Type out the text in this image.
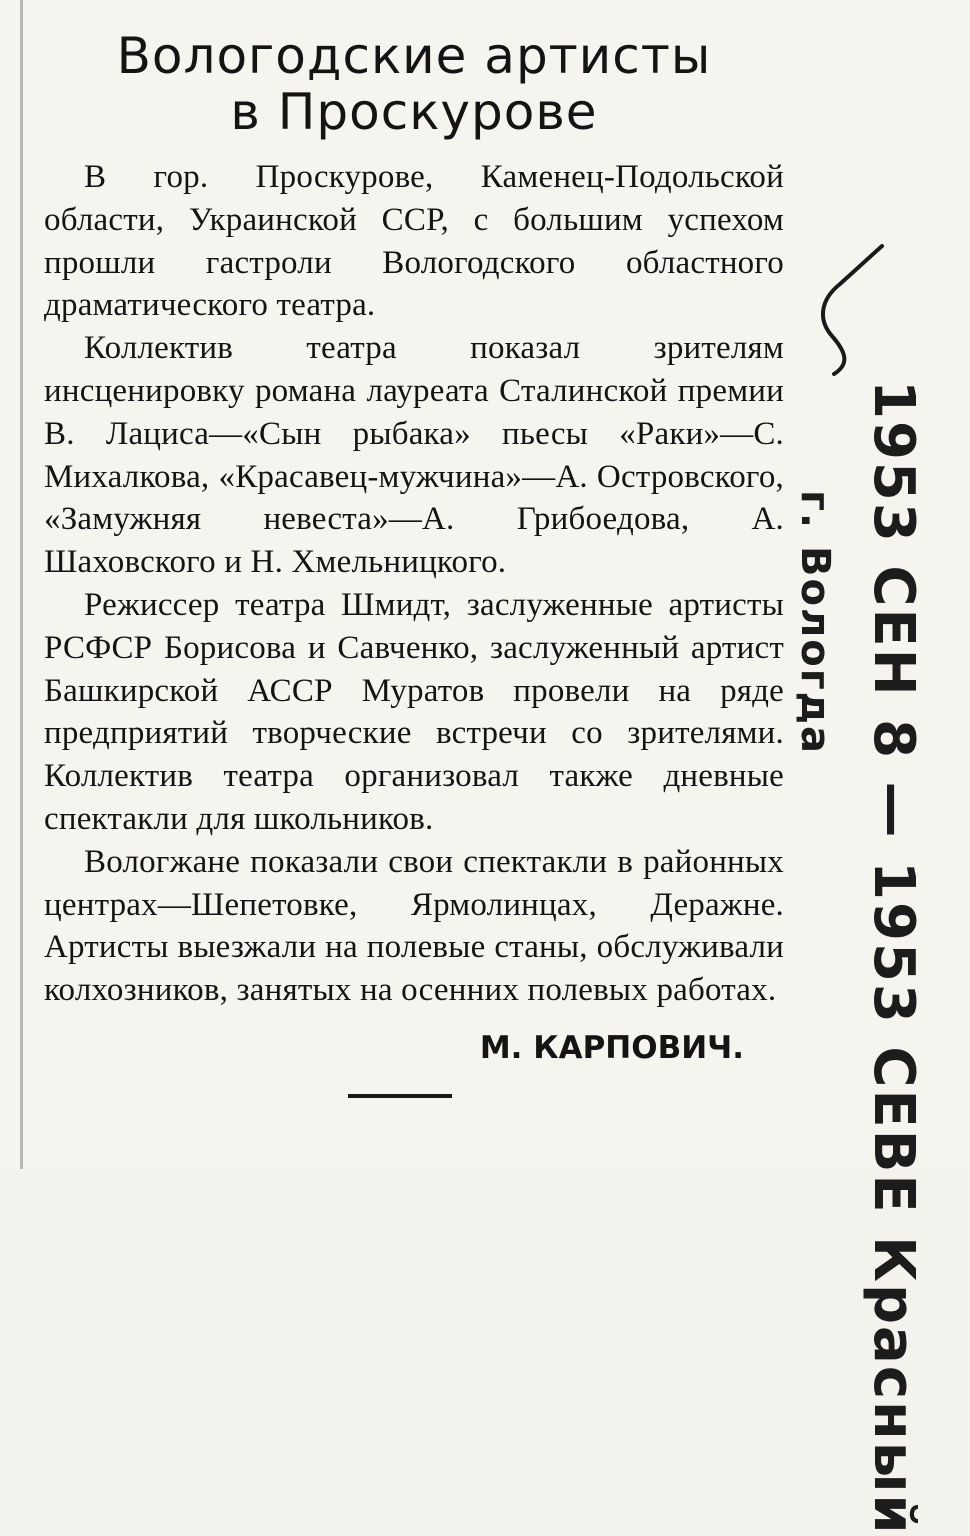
Вологодские артисты
в Проскурове

В гор. Проскурове, Каменец-Подольской области, Украинской ССР, с большим успехом прошли гастроли Вологодского областного драматического театра.

Коллектив театра показал зрителям инсценировку романа лауреата Сталинской премии В. Лациса—«Сын рыбака» пьесы «Раки»—С. Михалкова, «Красавец-мужчина»—А. Островского, «Замужняя невеста»—А. Грибоедова, А. Шаховского и Н. Хмельницкого.

Режиссер театра Шмидт, заслуженные артисты РСФСР Борисова и Савченко, заслуженный артист Башкирской АССР Муратов провели на ряде предприятий творческие встречи со зрителями. Коллектив театра организовал также дневные спектакли для школьников.

Вологжане показали свои спектакли в районных центрах—Шепетовке, Ярмолинцах, Деражне. Артисты выезжали на полевые станы, обслуживали колхозников, занятых на осенних полевых работах.

М. КАРПОВИЧ.	1953 СЕН 8 — 1953 СЕВЕ Красный
г. Вологда
